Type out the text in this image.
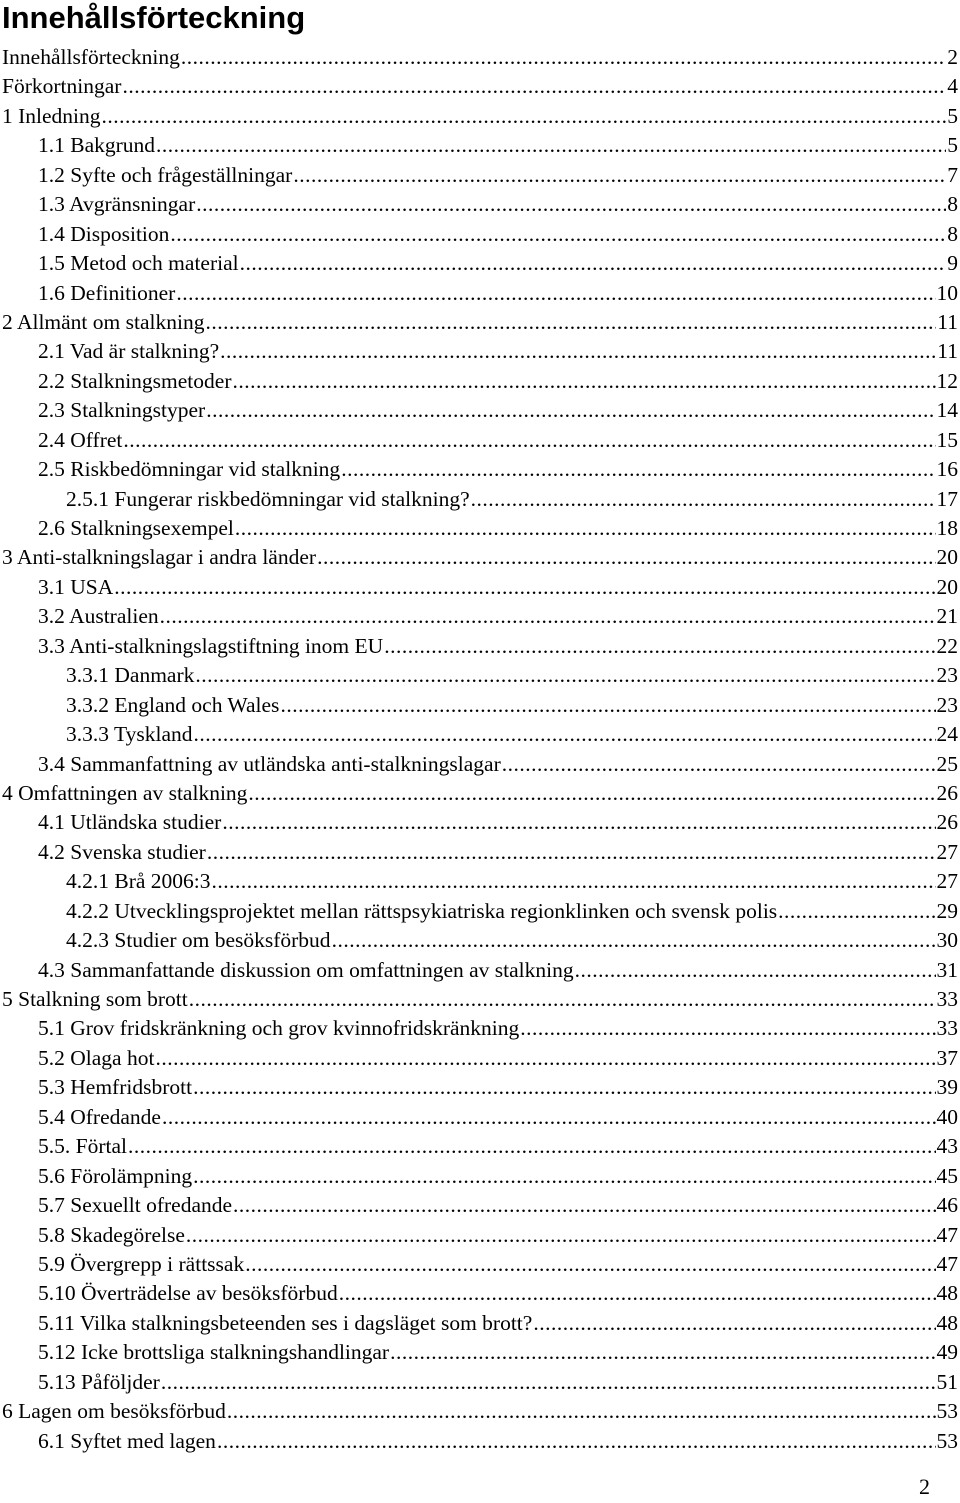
Innehållsförteckning
Innehållsförteckning .....	2
Förkortningar .....	4
1 Inledning .....	5
1.1 Bakgrund .....	5
1.2 Syfte och frågeställningar .....	7
1.3 Avgränsningar .....	8
1.4 Disposition .....	8
1.5 Metod och material .....	9
1.6 Definitioner .....	10
2 Allmänt om stalkning .....	11
2.1 Vad är stalkning? .....	11
2.2 Stalkningsmetoder .....	12
2.3 Stalkningstyper .....	14
2.4 Offret .....	15
2.5 Riskbedömningar vid stalkning .....	16
2.5.1 Fungerar riskbedömningar vid stalkning? .....	17
2.6 Stalkningsexempel .....	18
3 Anti-stalkningslagar i andra länder .....	20
3.1 USA .....	20
3.2 Australien .....	21
3.3 Anti-stalkningslagstiftning inom EU .....	22
3.3.1 Danmark .....	23
3.3.2 England och Wales .....	23
3.3.3 Tyskland .....	24
3.4 Sammanfattning av utländska anti-stalkningslagar .....	25
4 Omfattningen av stalkning .....	26
4.1 Utländska studier .....	26
4.2 Svenska studier .....	27
4.2.1 Brå 2006:3 .....	27
4.2.2 Utvecklingsprojektet mellan rättspsykiatriska regionklinken och svensk polis .....	29
4.2.3 Studier om besöksförbud .....	30
4.3 Sammanfattande diskussion om omfattningen av stalkning .....	31
5 Stalkning som brott .....	33
5.1 Grov fridskränkning och grov kvinnofridskränkning .....	33
5.2 Olaga hot .....	37
5.3 Hemfridsbrott .....	39
5.4 Ofredande .....	40
5.5. Förtal .....	43
5.6 Förolämpning .....	45
5.7 Sexuellt ofredande .....	46
5.8 Skadegörelse .....	47
5.9 Övergrepp i rättssak .....	47
5.10 Överträdelse av besöksförbud .....	48
5.11 Vilka stalkningsbeteenden ses i dagsläget som brott? .....	48
5.12 Icke brottsliga stalkningshandlingar .....	49
5.13 Påföljder .....	51
6 Lagen om besöksförbud .....	53
6.1 Syftet med lagen .....	53
2
